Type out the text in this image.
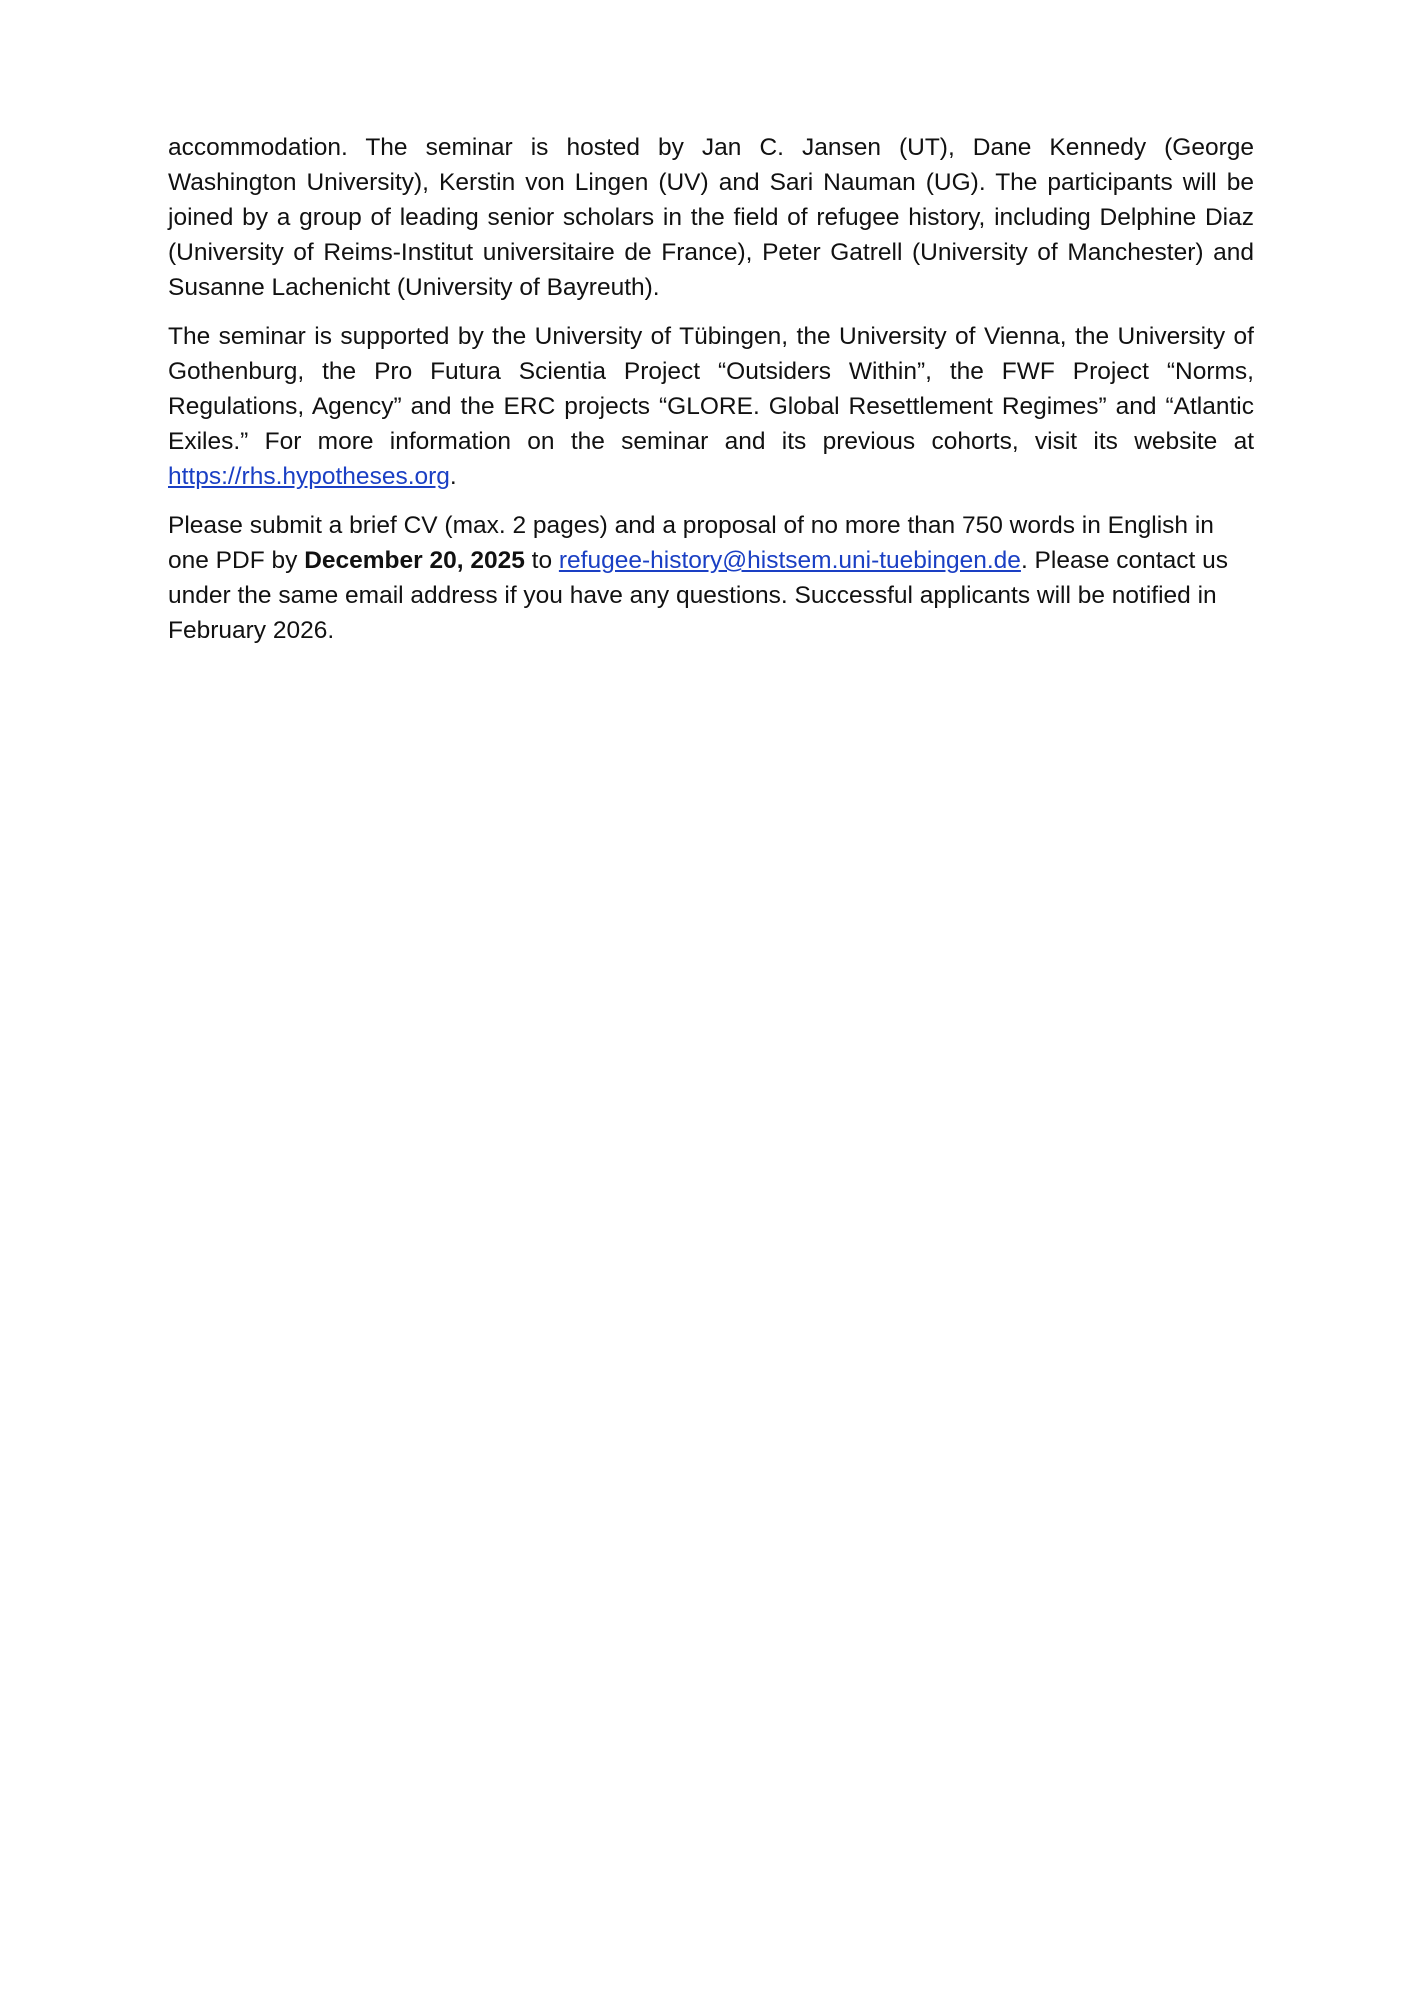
accommodation. The seminar is hosted by Jan C. Jansen (UT), Dane Kennedy (George Washington University), Kerstin von Lingen (UV) and Sari Nauman (UG). The participants will be joined by a group of leading senior scholars in the field of refugee history, including Delphine Diaz (University of Reims-Institut universitaire de France), Peter Gatrell (University of Manchester) and Susanne Lachenicht (University of Bayreuth).

The seminar is supported by the University of Tübingen, the University of Vienna, the University of Gothenburg, the Pro Futura Scientia Project “Outsiders Within”, the FWF Project “Norms, Regulations, Agency” and the ERC projects “GLORE. Global Resettlement Regimes” and “Atlantic Exiles.” For more information on the seminar and its previous cohorts, visit its website at https://rhs.hypotheses.org.

Please submit a brief CV (max. 2 pages) and a proposal of no more than 750 words in English in one PDF by December 20, 2025 to refugee-history@histsem.uni-tuebingen.de. Please contact us under the same email address if you have any questions. Successful applicants will be notified in February 2026.
